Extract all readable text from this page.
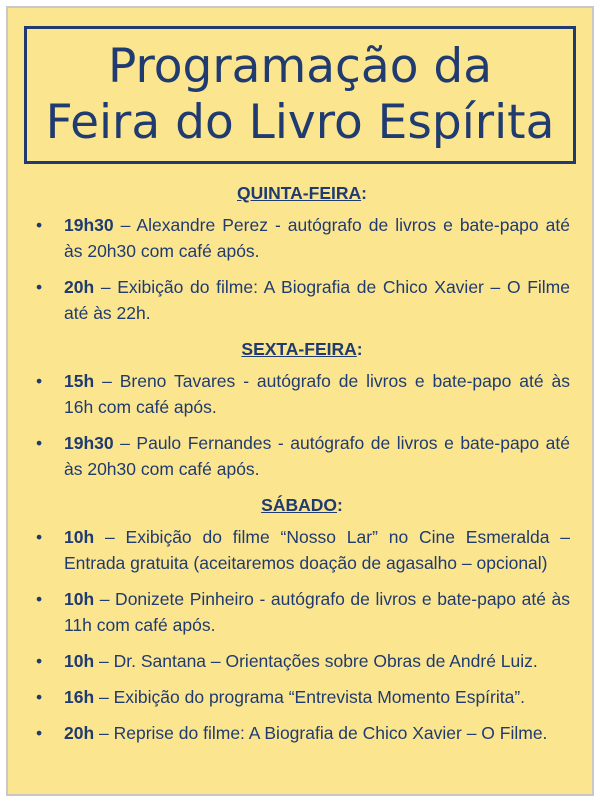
Programação da
Feira do Livro Espírita
QUINTA-FEIRA:
• 19h30 – Alexandre Perez - autógrafo de livros e bate-papo até às 20h30 com café após.
• 20h – Exibição do filme: A Biografia de Chico Xavier – O Filme até às 22h.
SEXTA-FEIRA:
• 15h – Breno Tavares - autógrafo de livros e bate-papo até às 16h com café após.
• 19h30 – Paulo Fernandes - autógrafo de livros e bate-papo até às 20h30 com café após.
SÁBADO:
• 10h – Exibição do filme “Nosso Lar” no Cine Esmeralda – Entrada gratuita (aceitaremos doação de agasalho – opcional)
• 10h – Donizete Pinheiro - autógrafo de livros e bate-papo até às 11h com café após.
• 10h – Dr. Santana – Orientações sobre Obras de André Luiz.
• 16h – Exibição do programa “Entrevista Momento Espírita”.
• 20h – Reprise do filme: A Biografia de Chico Xavier – O Filme.
